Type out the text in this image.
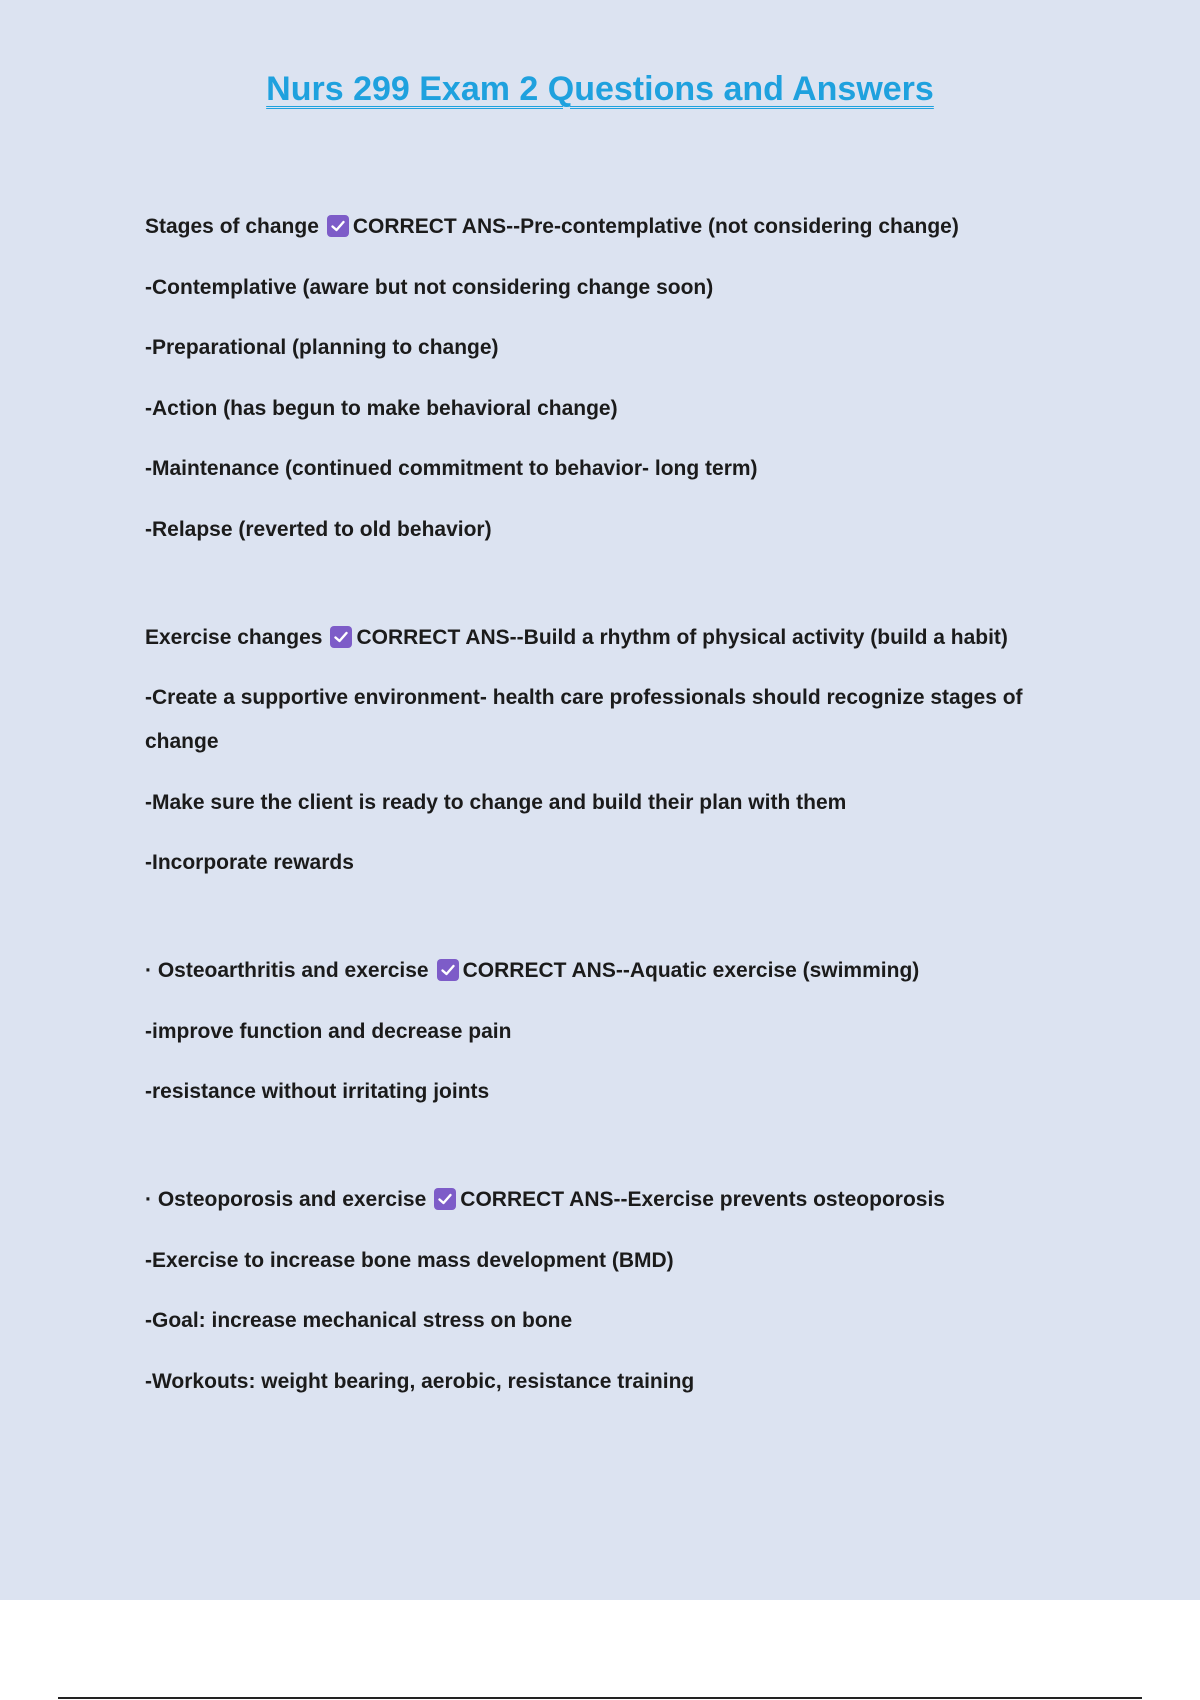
Nurs 299 Exam 2 Questions and Answers

Stages of change CORRECT ANS--Pre-contemplative (not considering change)

-Contemplative (aware but not considering change soon)

-Preparational (planning to change)

-Action (has begun to make behavioral change)

-Maintenance (continued commitment to behavior- long term)

-Relapse (reverted to old behavior)

Exercise changes CORRECT ANS--Build a rhythm of physical activity (build a habit)

-Create a supportive environment- health care professionals should recognize stages of change

-Make sure the client is ready to change and build their plan with them

-Incorporate rewards

· Osteoarthritis and exercise CORRECT ANS--Aquatic exercise (swimming)

-improve function and decrease pain

-resistance without irritating joints

· Osteoporosis and exercise CORRECT ANS--Exercise prevents osteoporosis

-Exercise to increase bone mass development (BMD)

-Goal: increase mechanical stress on bone

-Workouts: weight bearing, aerobic, resistance training
